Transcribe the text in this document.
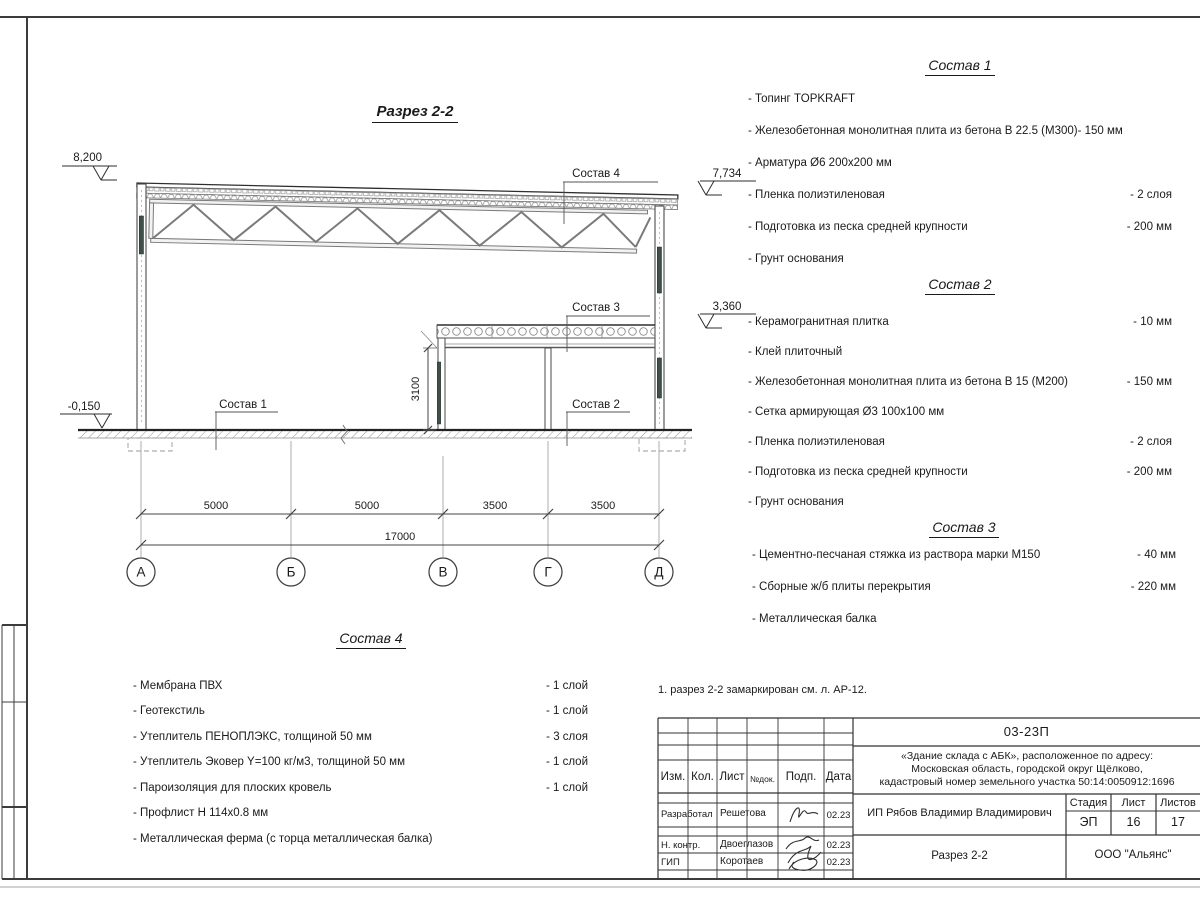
8,200
7,734
3,360
-0,150
Состав 4
Состав 3
Состав 2
Состав 1
3100
5000	5000	3500	3500
17000
А	Б	В	Г	Д
Разрез 2-2
Состав 1
- Топинг TOPKRAFT
- Железобетонная монолитная плита из бетона В 22.5 (М300)- 150 мм
- Арматура Ø6 200х200 мм
- Пленка полиэтиленовая	- 2 слоя
- Подготовка из песка средней крупности	- 200 мм
- Грунт основания
Состав 2
- Керамогранитная плитка	- 10 мм
- Клей плиточный
- Железобетонная монолитная плита из бетона В 15 (М200)	- 150 мм
- Сетка армирующая Ø3 100х100 мм
- Пленка полиэтиленовая	- 2 слоя
- Подготовка из песка средней крупности	- 200 мм
- Грунт основания
Состав 3
- Цементно-песчаная стяжка из раствора марки М150	- 40 мм
- Сборные ж/б плиты перекрытия	- 220 мм
- Металлическая балка
Состав 4
- Мембрана ПВХ	- 1 слой
- Геотекстиль	- 1 слой
- Утеплитель ПЕНОПЛЭКС, толщиной 50 мм	- 3 слоя
- Утеплитель Эковер Y=100 кг/м3, толщиной 50 мм	- 1 слой
- Пароизоляция для плоских кровель	- 1 слой
- Профлист Н 114х0.8 мм
- Металлическая ферма (с торца металлическая балка)
1. разрез 2-2 замаркирован см. л. АР-12.
03-23П
«Здание склада с АБК», расположенное по адресу:
Московская область, городской округ Щёлково,
кадастровый номер земельного участка 50:14:0050912:1696
Изм. Кол. Лист №док. Подп. Дата
Разработал Решетова	02.23
Н. контр. Двоеглазов	02.23
ГИП	Коротаев	02.23
ИП Рябов Владимир Владимирович
Стадия	Лист	Листов
ЭП	16	17
Разрез 2-2	ООО "Альянс"
